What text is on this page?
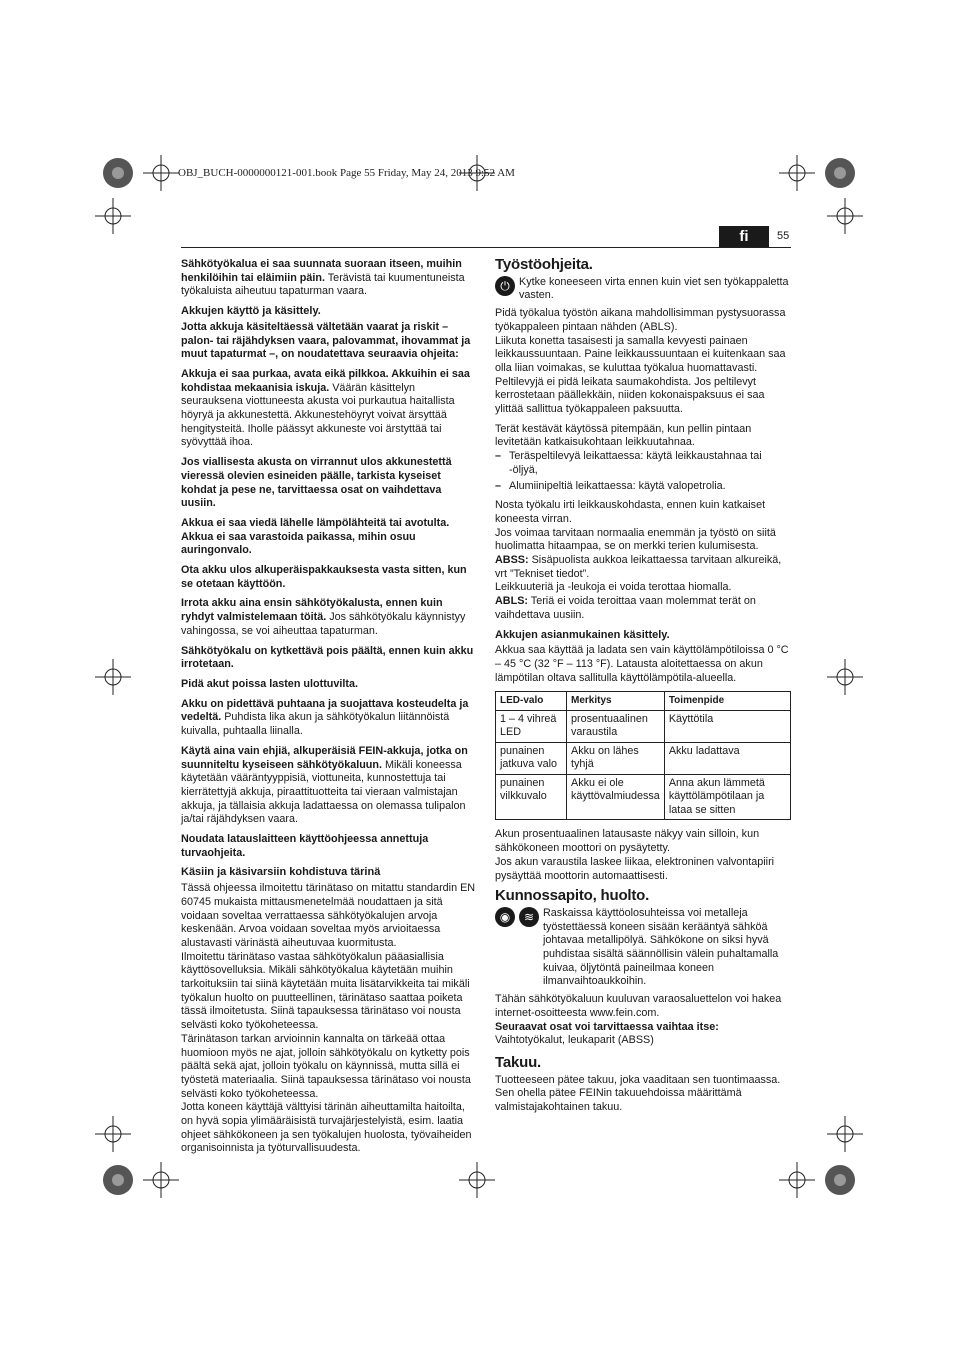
OBJ_BUCH-0000000121-001.book Page 55 Friday, May 24, 2013 9:52 AM
fi	55

Sähkötyökalua ei saa suunnata suoraan itseen, muihin henkilöihin tai eläimiin päin. Terävistä tai kuumentuneista työkaluista aiheutuu tapaturman vaara.

Akkujen käyttö ja käsittely.

Jotta akkuja käsiteltäessä vältetään vaarat ja riskit – palon- tai räjähdyksen vaara, palovammat, ihovammat ja muut tapaturmat –, on noudatettava seuraavia ohjeita:

Akkuja ei saa purkaa, avata eikä pilkkoa. Akkuihin ei saa kohdistaa mekaanisia iskuja. Väärän käsittelyn seurauksena viottuneesta akusta voi purkautua haitallista höyryä ja akkunestettä. Akkunestehöyryt voivat ärsyttää hengitysteitä. Iholle päässyt akkuneste voi ärstyttää tai syövyttää ihoa.

Jos viallisesta akusta on virrannut ulos akkunestettä vieressä olevien esineiden päälle, tarkista kyseiset kohdat ja pese ne, tarvittaessa osat on vaihdettava uusiin.

Akkua ei saa viedä lähelle lämpölähteitä tai avotulta. Akkua ei saa varastoida paikassa, mihin osuu auringonvalo.

Ota akku ulos alkuperäispakkauksesta vasta sitten, kun se otetaan käyttöön.

Irrota akku aina ensin sähkötyökalusta, ennen kuin ryhdyt valmistelemaan töitä. Jos sähkötyökalu käynnistyy vahingossa, se voi aiheuttaa tapaturman.

Sähkötyökalu on kytkettävä pois päältä, ennen kuin akku irrotetaan.

Pidä akut poissa lasten ulottuvilta.

Akku on pidettävä puhtaana ja suojattava kosteudelta ja vedeltä. Puhdista lika akun ja sähkötyökalun liitännöistä kuivalla, puhtaalla liinalla.

Käytä aina vain ehjiä, alkuperäisiä FEIN-akkuja, jotka on suunniteltu kyseiseen sähkötyökaluun. Mikäli koneessa käytetään vääräntyyppisiä, viottuneita, kunnostettuja tai kierrätettyjä akkuja, piraattituotteita tai vieraan valmistajan akkuja, ja tällaisia akkuja ladattaessa on olemassa tulipalon ja/tai räjähdyksen vaara.

Noudata latauslaitteen käyttöohjeessa annettuja turvaohjeita.

Käsiin ja käsivarsiin kohdistuva tärinä

Tässä ohjeessa ilmoitettu tärinätaso on mitattu standardin EN 60745 mukaista mittausmenetelmää noudattaen ja sitä voidaan soveltaa verrattaessa sähkötyökalujen arvoja keskenään. Arvoa voidaan soveltaa myös arvioitaessa alustavasti värinästä aiheutuvaa kuormitusta.

Ilmoitettu tärinätaso vastaa sähkötyökalun pääasiallisia käyttösovelluksia. Mikäli sähkötyökalua käytetään muihin tarkoituksiin tai siinä käytetään muita lisätarvikkeita tai mikäli työkalun huolto on puutteellinen, tärinätaso saattaa poiketa tässä ilmoitetusta. Siinä tapauksessa tärinätaso voi nousta selvästi koko työkoheteessa.

Tärinätason tarkan arvioinnin kannalta on tärkeää ottaa huomioon myös ne ajat, jolloin sähkötyökalu on kytketty pois päältä sekä ajat, jolloin työkalu on käynnissä, mutta sillä ei työstetä materiaalia. Siinä tapauksessa tärinätaso voi nousta selvästi koko työkoheteessa.

Jotta koneen käyttäjä välttyisi tärinän aiheuttamilta haitoilta, on hyvä sopia ylimääräisistä turvajärjestelyistä, esim. laatia ohjeet sähkökoneen ja sen työkalujen huolosta, työvaiheiden organisoinnista ja työturvallisuudesta.

Työstöohjeita.
⏻ Kytke koneeseen virta ennen kuin viet sen työkappaletta vasten.

Pidä työkalua työstön aikana mahdollisimman pystysuorassa työkappaleen pintaan nähden (ABLS).

Liikuta konetta tasaisesti ja samalla kevyesti painaen leikkaussuuntaan. Paine leikkaussuuntaan ei kuitenkaan saa olla liian voimakas, se kuluttaa työkalua huomattavasti.

Peltilevyjä ei pidä leikata saumakohdista. Jos peltilevyt kerrostetaan päällekkäin, niiden kokonaispaksuus ei saa ylittää sallittua työkappaleen paksuutta.

Terät kestävät käytössä pitempään, kun pellin pintaan levitetään katkaisukohtaan leikkuutahnaa.

– Teräspeltilevyä leikattaessa: käytä leikkaustahnaa tai -öljyä,
– Alumiinipeltiä leikattaessa: käytä valopetrolia.

Nosta työkalu irti leikkauskohdasta, ennen kuin katkaiset koneesta virran.

Jos voimaa tarvitaan normaalia enemmän ja työstö on siitä huolimatta hitaampaa, se on merkki terien kulumisesta.

ABSS: Sisäpuolista aukkoa leikattaessa tarvitaan alkureikä, vrt ”Tekniset tiedot”.

Leikkuuteriä ja -leukoja ei voida terottaa hiomalla.

ABLS: Teriä ei voida teroittaa vaan molemmat terät on vaihdettava uusiin.

Akkujen asianmukainen käsittely.

Akkua saa käyttää ja ladata sen vain käyttölämpötiloissa 0 °C – 45 °C (32 °F – 113 °F). Latausta aloitettaessa on akun lämpötilan oltava sallitulla käyttölämpötila-alueella.

LED-valo	Merkitys	Toimenpide
1 – 4 vihreä LED	prosentuaalinen varaustila	Käyttötila
punainen jatkuva valo	Akku on lähes tyhjä	Akku ladattava
punainen vilkkuvalo	Akku ei ole käyttövalmiudessa	Anna akun lämmetä käyttölämpötilaan ja lataa se sitten

Akun prosentuaalinen latausaste näkyy vain silloin, kun sähkökoneen moottori on pysäytetty.

Jos akun varaustila laskee liikaa, elektroninen valvontapiiri pysäyttää moottorin automaattisesti.

Kunnossapito, huolto.
◉	≋ Raskaissa käyttöolosuhteissa voi metalleja työstettäessä koneen sisään kerääntyä sähköä johtavaa metallipölyä. Sähkökone on siksi hyvä puhdistaa sisältä säännöllisin välein puhaltamalla kuivaa, öljytöntä paineilmaa koneen ilmanvaihtoaukkoihin.

Tähän sähkötyökaluun kuuluvan varaosaluettelon voi hakea internet-osoitteesta www.fein.com.

Seuraavat osat voi tarvittaessa vaihtaa itse: Vaihtotyökalut, leukaparit (ABSS)

Takuu.

Tuotteeseen pätee takuu, joka vaaditaan sen tuontimaassa. Sen ohella pätee FEINin takuuehdoissa määrittämä valmistajakohtainen takuu.
